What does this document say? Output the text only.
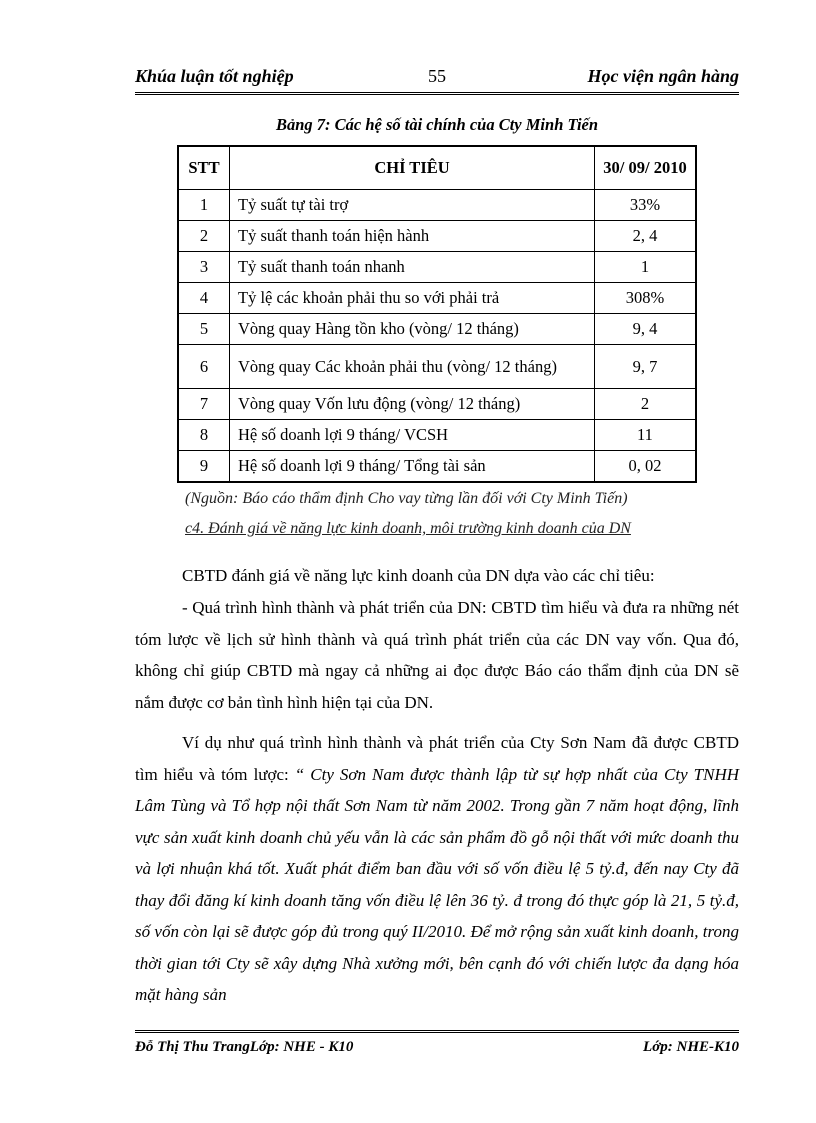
Khúa luận tốt nghiệp	55	Học viện ngân hàng
Bảng 7: Các hệ số tài chính của Cty Minh Tiến
STT	CHỈ TIÊU	30/ 09/ 2010
1	Tỷ suất tự tài trợ	33%
2	Tỷ suất thanh toán hiện hành	2, 4
3	Tỷ suất thanh toán nhanh	1
4	Tỷ lệ các khoản phải thu so với phải trả	308%
5	Vòng quay Hàng tồn kho (vòng/ 12 tháng)	9, 4
6	Vòng quay Các khoản phải thu (vòng/ 12 tháng)	9, 7
7	Vòng quay Vốn lưu động (vòng/ 12 tháng)	2
8	Hệ số doanh lợi 9 tháng/ VCSH	11
9	Hệ số doanh lợi 9 tháng/ Tổng tài sản	0, 02
(Nguồn: Báo cáo thẩm định Cho vay từng lần đối với Cty Minh Tiến)
c4. Đánh giá về năng lực kinh doanh, môi trường kinh doanh của DN

CBTD đánh giá về năng lực kinh doanh của DN dựa vào các chỉ tiêu:

- Quá trình hình thành và phát triển của DN: CBTD tìm hiểu và đưa ra những nét tóm lược về lịch sử hình thành và quá trình phát triển của các DN vay vốn. Qua đó, không chỉ giúp CBTD mà ngay cả những ai đọc được Báo cáo thẩm định của DN sẽ nắm được cơ bản tình hình hiện tại của DN.

Ví dụ như quá trình hình thành và phát triển của Cty Sơn Nam đã được CBTD tìm hiểu và tóm lược: “ Cty Sơn Nam được thành lập từ sự hợp nhất của Cty TNHH Lâm Tùng và Tổ hợp nội thất Sơn Nam từ năm 2002. Trong gần 7 năm hoạt động, lĩnh vực sản xuất kinh doanh chủ yếu vẫn là các sản phẩm đồ gỗ nội thất với mức doanh thu và lợi nhuận khá tốt. Xuất phát điểm ban đầu với số vốn điều lệ 5 tỷ.đ, đến nay Cty đã thay đổi đăng kí kinh doanh tăng vốn điều lệ lên 36 tỷ. đ trong đó thực góp là 21, 5 tỷ.đ, số vốn còn lại sẽ được góp đủ trong quý II/2010. Để mở rộng sản xuất kinh doanh, trong thời gian tới Cty sẽ xây dựng Nhà xưởng mới, bên cạnh đó với chiến lược đa dạng hóa mặt hàng sản

Đỗ Thị Thu TrangLớp: NHE - K10	Lớp: NHE-K10
